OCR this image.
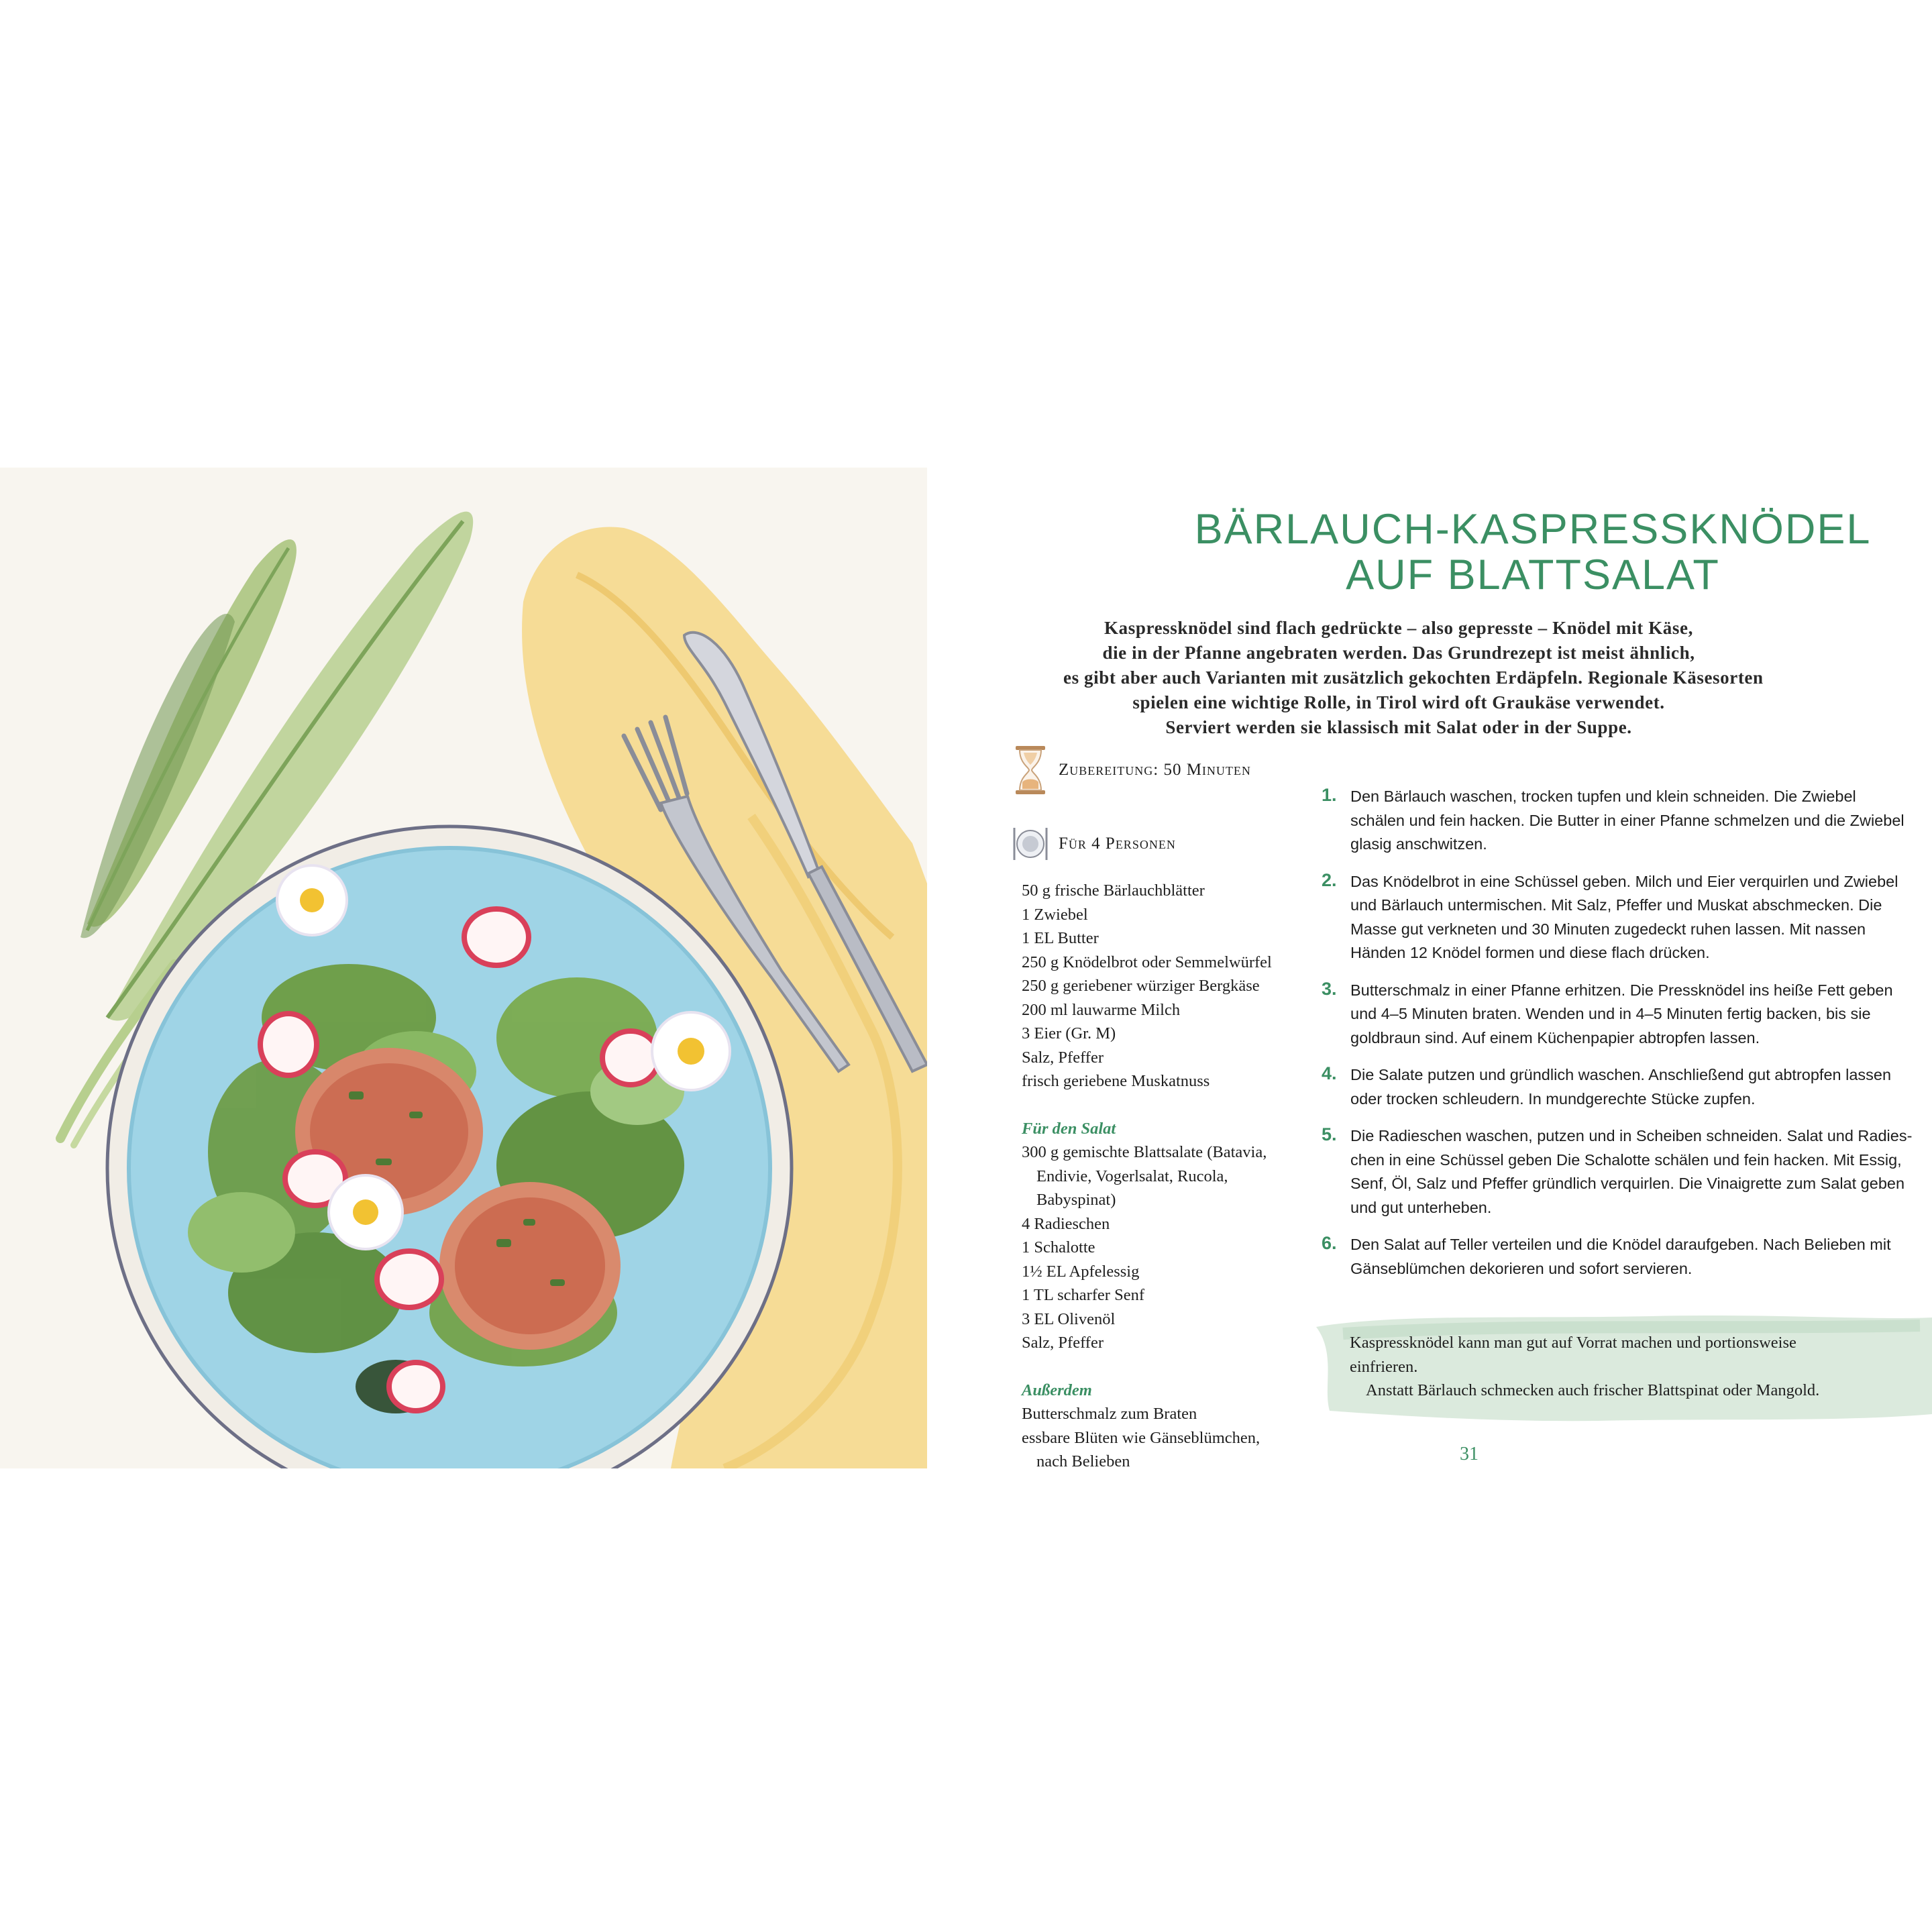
BÄRLAUCH-KASPRESSKNÖDEL
AUF BLATTSALAT
Kaspressknödel sind flach gedrückte – also gepresste – Knödel mit Käse,
die in der Pfanne angebraten werden. Das Grundrezept ist meist ähnlich,
es gibt aber auch Varianten mit zusätzlich gekochten Erdäpfeln. Regionale Käsesorten
spielen eine wichtige Rolle, in Tirol wird oft Graukäse verwendet.
Serviert werden sie klassisch mit Salat oder in der Suppe.
Zubereitung: 50 Minuten
Für 4 Personen
50 g frische Bärlauchblätter
1 Zwiebel
1 EL Butter
250 g Knödelbrot oder Semmelwürfel
250 g geriebener würziger Bergkäse
200 ml lauwarme Milch
3 Eier (Gr. M)
Salz, Pfeffer
frisch geriebene Muskatnuss
Für den Salat
300 g gemischte Blattsalate (Batavia,
Endivie, Vogerlsalat, Rucola,
Babyspinat)
4 Radieschen
1 Schalotte
1½ EL Apfelessig
1 TL scharfer Senf
3 EL Olivenöl
Salz, Pfeffer
Außerdem
Butterschmalz zum Braten
essbare Blüten wie Gänseblümchen,
nach Belieben
1. Den Bärlauch waschen, trocken tupfen und klein schneiden. Die Zwiebel
schälen und fein hacken. Die Butter in einer Pfanne schmelzen und die Zwiebel
glasig anschwitzen.
2. Das Knödelbrot in eine Schüssel geben. Milch und Eier verquirlen und Zwiebel
und Bärlauch untermischen. Mit Salz, Pfeffer und Muskat abschmecken. Die
Masse gut verkneten und 30 Minuten zugedeckt ruhen lassen. Mit nassen
Händen 12 Knödel formen und diese flach drücken.
3. Butterschmalz in einer Pfanne erhitzen. Die Pressknödel ins heiße Fett geben
und 4–5 Minuten braten. Wenden und in 4–5 Minuten fertig backen, bis sie
goldbraun sind. Auf einem Küchenpapier abtropfen lassen.
4. Die Salate putzen und gründlich waschen. Anschließend gut abtropfen lassen
oder trocken schleudern. In mundgerechte Stücke zupfen.
5. Die Radieschen waschen, putzen und in Scheiben schneiden. Salat und Radies-
chen in eine Schüssel geben Die Schalotte schälen und fein hacken. Mit Essig,
Senf, Öl, Salz und Pfeffer gründlich verquirlen. Die Vinaigrette zum Salat geben
und gut unterheben.
6. Den Salat auf Teller verteilen und die Knödel daraufgeben. Nach Belieben mit
Gänseblümchen dekorieren und sofort servieren.
Kaspressknödel kann man gut auf Vorrat machen und portionsweise
einfrieren.
Anstatt Bärlauch schmecken auch frischer Blattspinat oder Mangold.
31
